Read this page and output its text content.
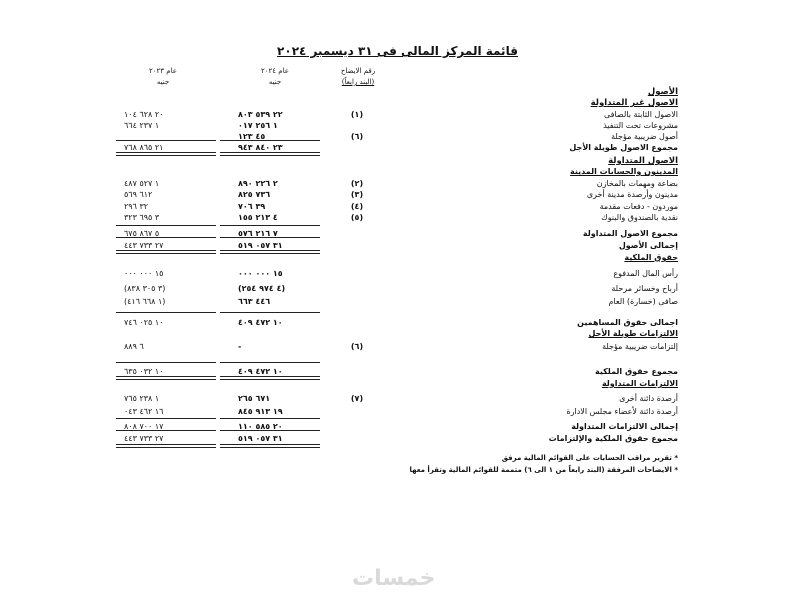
قائمة المركز المالى فى ٣١ ديسمبر ٢٠٢٤
رقم الايضاح
(البند رابعاً)
عام ٢٠٢٤
جنيه
عام ٢٠٢٣
جنيه
الأصول
الاصول غير المتداولة
الاصول الثابتة بالصافى
(١)
٢٢ ٥٣٩ ٨٠٣
٢٠ ٦٢٨ ١٠٤
مشروعات تحت التنفيذ
١ ٢٥٦ ٠١٧
١ ٢٣٧ ٦٦٤
أصول ضريبية مؤجلة
(٦)
٤٥ ١٢٣
مجموع الاصول طويلة الأجل
٢٣ ٨٤٠ ٩٤٣
٢١ ٨٦٥ ٧٦٨
الاصول المتداولة
المدينون والحسابات المدينة
بضاعة ومهمات بالمخازن
(٢)
٢ ٢٢٦ ٨٩٠
١ ٥٢٧ ٤٨٧
مدينون وأرصدة مدينة أخرى
(٣)
٧٣٦ ٨٢٥
٦١٢ ٥٦٩
موردون - دفعات مقدمة
(٤)
٣٩ ٧٠٦
٣٢ ٢٩٦
نقدية بالصندوق والبنوك
(٥)
٤ ٢١٣ ١٥٥
٣ ٦٩٥ ٣٢٣
مجموع الاصول المتداولة
٧ ٢١٦ ٥٧٦
٥ ٨٦٧ ٦٧٥
إجمالى الأصول
٣١ ٠٥٧ ٥١٩
٢٧ ٧٣٣ ٤٤٣
حقوق الملكية
رأس المال المدفوع
١٥ ٠٠٠ ٠٠٠
١٥ ٠٠٠ ٠٠٠
أرباح وخسائر مرحلة
(٤ ٩٧٤ ٢٥٤)
(٣ ٣٠٥ ٨٣٨)
صافى (خسارة) العام
٤٤٦ ٦٦٣
(١ ٦٦٨ ٤١٦)
اجمالى حقوق المساهمين
١٠ ٤٧٢ ٤٠٩
١٠ ٠٢٥ ٧٤٦
الالتزامات طويلة الأجل
إلتزامات ضريبية مؤجلة
(٦)
-
٦ ٨٨٩
مجموع حقوق الملكية
١٠ ٤٧٢ ٤٠٩
١٠ ٠٣٢ ٦٣٥
الالتزامات المتداولة
أرصدة دائنة أخرى
(٧)
٦٧١ ٢٦٥
١ ٢٣٨ ٧٦٥
أرصدة دائنة لأعضاء مجلس الادارة
١٩ ٩١٣ ٨٤٥
١٦ ٤٦٢ ٠٤٣
إجمالى الالتزامات المتداولة
٢٠ ٥٨٥ ١١٠
١٧ ٧٠٠ ٨٠٨
مجموع حقوق الملكية والإلتزامات
٣١ ٠٥٧ ٥١٩
٢٧ ٧٣٣ ٤٤٣
* تقرير مراقب الحسابات على القوائم المالية مرفق
* الايضاحات المرفقة (البند رابعاً من ١ الى ٦) متممة للقوائم المالية وتقرأ معها
خمسات
